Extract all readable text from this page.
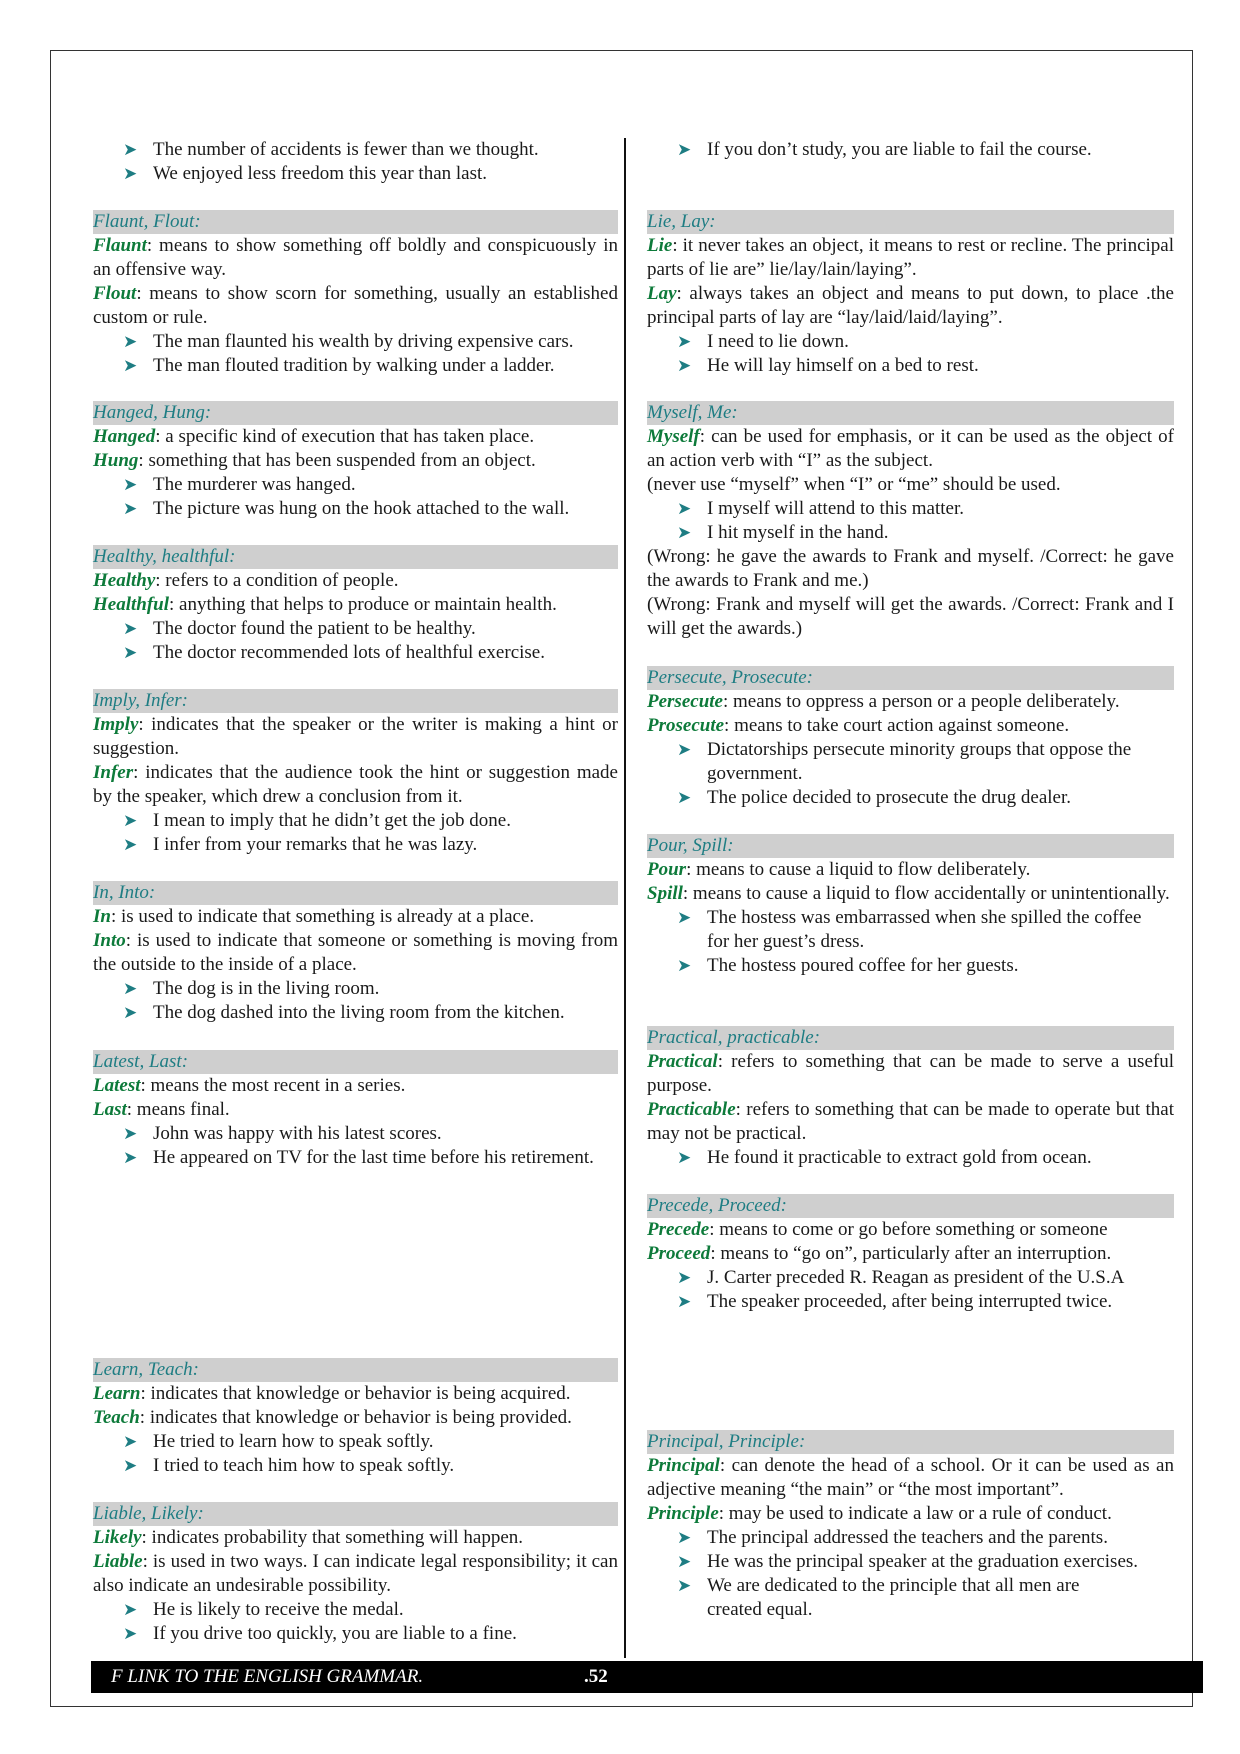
➤ The number of accidents is fewer than we thought.
➤ We enjoyed less freedom this year than last.
Flaunt, Flout:
Flaunt: means to show something off boldly and conspicuously in an offensive way.
Flout: means to show scorn for something, usually an established custom or rule.
➤ The man flaunted his wealth by driving expensive cars.
➤ The man flouted tradition by walking under a ladder.
Hanged, Hung:
Hanged: a specific kind of execution that has taken place.
Hung: something that has been suspended from an object.
➤ The murderer was hanged.
➤ The picture was hung on the hook attached to the wall.
Healthy, healthful:
Healthy: refers to a condition of people.
Healthful: anything that helps to produce or maintain health.
➤ The doctor found the patient to be healthy.
➤ The doctor recommended lots of healthful exercise.
Imply, Infer:
Imply: indicates that the speaker or the writer is making a hint or suggestion.
Infer: indicates that the audience took the hint or suggestion made by the speaker, which drew a conclusion from it.
➤ I mean to imply that he didn’t get the job done.
➤ I infer from your remarks that he was lazy.
In, Into:
In: is used to indicate that something is already at a place.
Into: is used to indicate that someone or something is moving from the outside to the inside of a place.
➤ The dog is in the living room.
➤ The dog dashed into the living room from the kitchen.
Latest, Last:
Latest: means the most recent in a series.
Last: means final.
➤ John was happy with his latest scores.
➤ He appeared on TV for the last time before his retirement.
Learn, Teach:
Learn: indicates that knowledge or behavior is being acquired.
Teach: indicates that knowledge or behavior is being provided.
➤ He tried to learn how to speak softly.
➤ I tried to teach him how to speak softly.
Liable, Likely:
Likely: indicates probability that something will happen.
Liable: is used in two ways. I can indicate legal responsibility; it can also indicate an undesirable possibility.
➤ He is likely to receive the medal.
➤ If you drive too quickly, you are liable to a fine.
➤ If you don’t study, you are liable to fail the course.
Lie, Lay:
Lie: it never takes an object, it means to rest or recline. The principal parts of lie are” lie/lay/lain/laying”.
Lay: always takes an object and means to put down, to place .the principal parts of lay are “lay/laid/laid/laying”.
➤ I need to lie down.
➤ He will lay himself on a bed to rest.
Myself, Me:
Myself: can be used for emphasis, or it can be used as the object of an action verb with “I” as the subject.
(never use “myself” when “I” or “me” should be used.
➤ I myself will attend to this matter.
➤ I hit myself in the hand.
(Wrong: he gave the awards to Frank and myself. /Correct: he gave the awards to Frank and me.)
(Wrong: Frank and myself will get the awards. /Correct: Frank and I will get the awards.)
Persecute, Prosecute:
Persecute: means to oppress a person or a people deliberately.
Prosecute: means to take court action against someone.
➤ Dictatorships persecute minority groups that oppose the government.
➤ The police decided to prosecute the drug dealer.
Pour, Spill:
Pour: means to cause a liquid to flow deliberately.
Spill: means to cause a liquid to flow accidentally or unintentionally.
➤ The hostess was embarrassed when she spilled the coffee for her guest’s dress.
➤ The hostess poured coffee for her guests.
Practical, practicable:
Practical: refers to something that can be made to serve a useful purpose.
Practicable: refers to something that can be made to operate but that may not be practical.
➤ He found it practicable to extract gold from ocean.
Precede, Proceed:
Precede: means to come or go before something or someone
Proceed: means to “go on”, particularly after an interruption.
➤ J. Carter preceded R. Reagan as president of the U.S.A
➤ The speaker proceeded, after being interrupted twice.
Principal, Principle:
Principal: can denote the head of a school. Or it can be used as an adjective meaning “the main” or “the most important”.
Principle: may be used to indicate a law or a rule of conduct.
➤ The principal addressed the teachers and the parents.
➤ He was the principal speaker at the graduation exercises.
➤ We are dedicated to the principle that all men are created equal.
F LINK TO THE ENGLISH GRAMMAR.	.52
